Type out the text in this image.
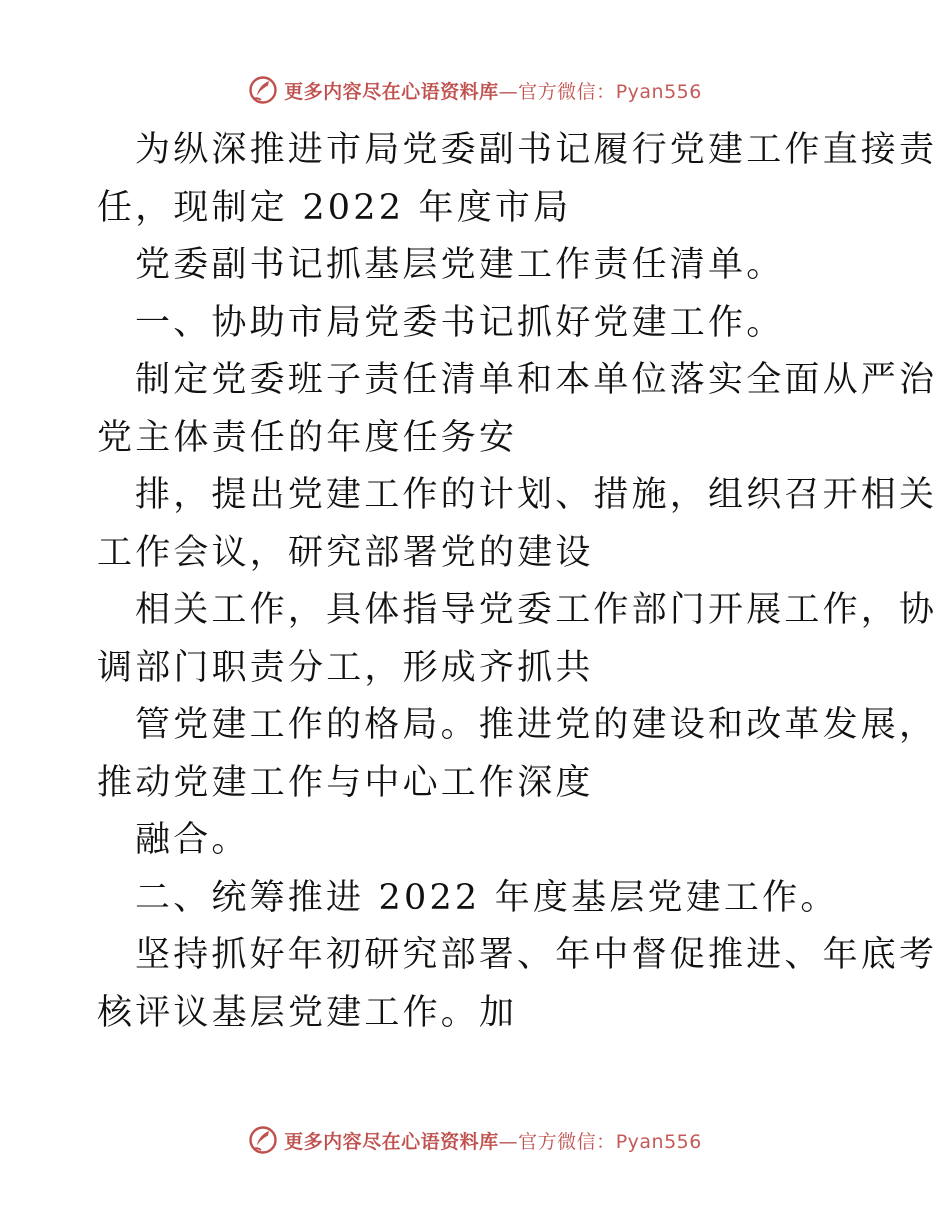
更多内容尽在心语资料库—官方微信：Pyan556

为纵深推进市局党委副书记履行党建工作直接责

任，现制定 2022 年度市局

党委副书记抓基层党建工作责任清单。

一、协助市局党委书记抓好党建工作。

制定党委班子责任清单和本单位落实全面从严治

党主体责任的年度任务安

排，提出党建工作的计划、措施，组织召开相关

工作会议，研究部署党的建设

相关工作，具体指导党委工作部门开展工作，协

调部门职责分工，形成齐抓共

管党建工作的格局。推进党的建设和改革发展，

推动党建工作与中心工作深度

融合。

二、统筹推进 2022 年度基层党建工作。

坚持抓好年初研究部署、年中督促推进、年底考

核评议基层党建工作。加

更多内容尽在心语资料库—官方微信：Pyan556
